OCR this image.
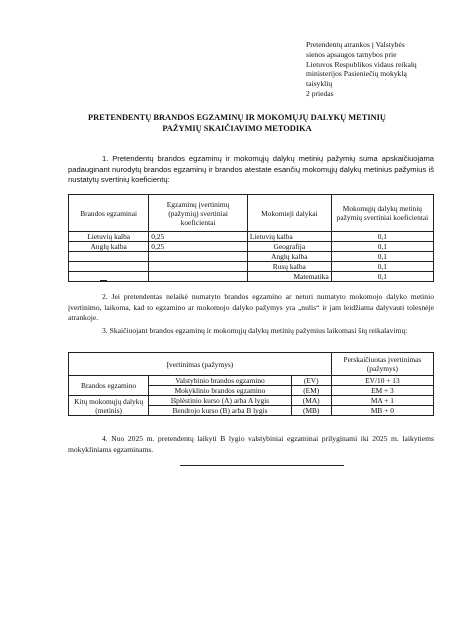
Pretendentų atrankos į Valstybės
sienos apsaugos tarnybos prie
Lietuvos Respublikos vidaus reikalų
ministerijos Pasieniečių mokyklą
taisyklių
2 priedas
PRETENDENTŲ BRANDOS EGZAMINŲ IR MOKOMŲJŲ DALYKŲ METINIŲ
PAŽYMIŲ SKAIČIAVIMO METODIKA
1. Pretendentų brandos egzaminų ir mokomųjų dalykų metinių pažymių suma apskaičiuojama padauginant nurodytų brandos egzaminų ir brandos atestate esančių mokomųjų dalykų metinius pažymius iš nustatytų svertinių koeficientų:
Brandos egzaminai	Egzaminų įvertinimų (pažymių) svertiniai koeficientai	Mokomieji dalykai	Mokomųjų dalykų metinių pažymių svertiniai koeficientai
Lietuvių kalba	0,25	Lietuvių kalba	0,1
Anglų kalba	0,25	Geografija	0,1
		Anglų kalba	0,1
		Rusų kalba	0,1
		Matematika	0,1
2. Jei pretendentas nelaikė numatyto brandos egzamino ar neturi numatyto mokomojo dalyko metinio įvertinimo, laikoma, kad to egzamino ar mokomojo dalyko pažymys yra „nulis“ ir jam leidžiama dalyvauti tolesnėje atrankoje.
3. Skaičiuojant brandos egzaminų ir mokomųjų dalykų metinių pažymius laikomasi šių reikalavimų:
Įvertinimas (pažymys)			Perskaičiuotas įvertinimas (pažymys)
Brandos egzamino	Valstybinio brandos egzamino	(EV)	EV/10 + 13
	Mokyklinio brandos egzamino	(EM)	EM + 3
Kitų mokomųjų dalykų (metinis)	Išplėstinio kurso (A) arba A lygis	(MA)	MA + 1
	Bendrojo kurso (B) arba B lygis	(MB)	MB + 0
4. Nuo 2025 m. pretendentų laikyti B lygio valstybiniai egzaminai prilyginami iki 2025 m. laikytiems mokykliniams egzaminams.
